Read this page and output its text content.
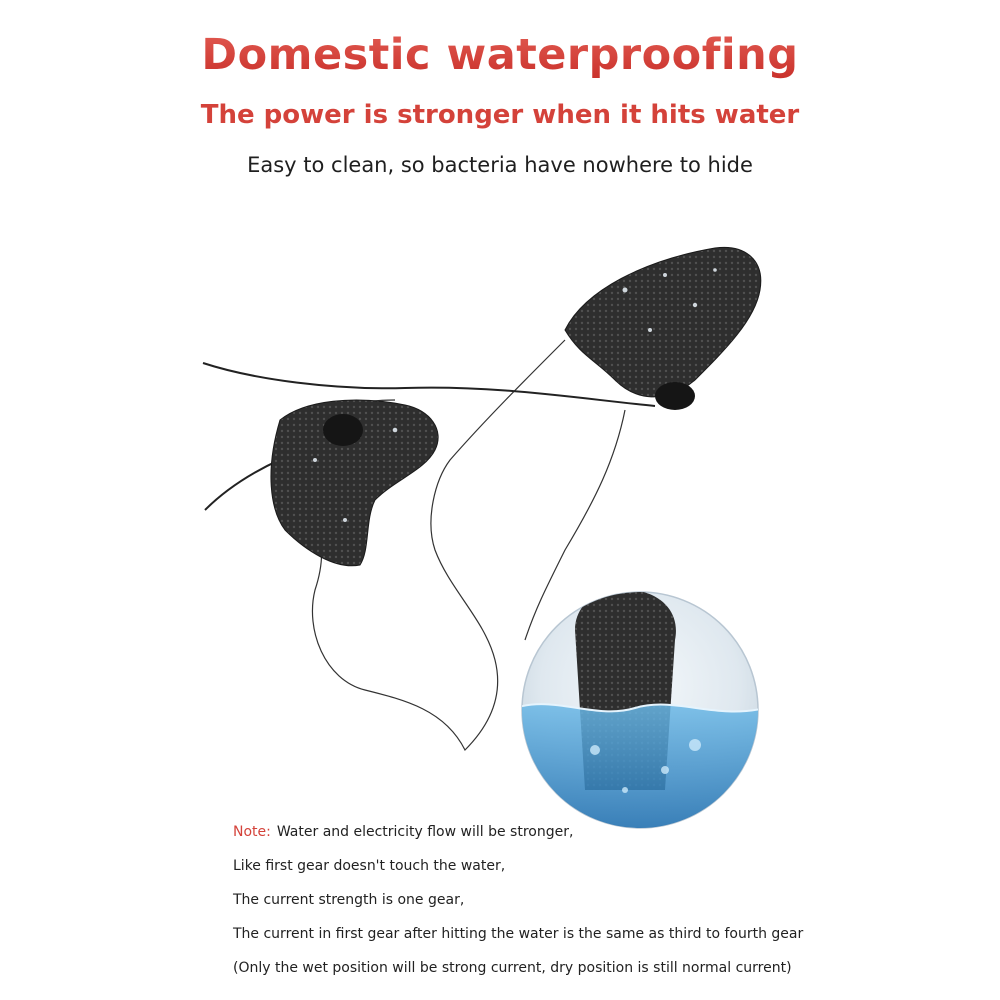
Domestic waterproofing
The power is stronger when it hits water
Easy to clean, so bacteria have nowhere to hide
Note: Water and electricity flow will be stronger,
Like first gear doesn't touch the water,
The current strength is one gear,
The current in first gear after hitting the water is the same as third to fourth gear
(Only the wet position will be strong current, dry position is still normal current)
